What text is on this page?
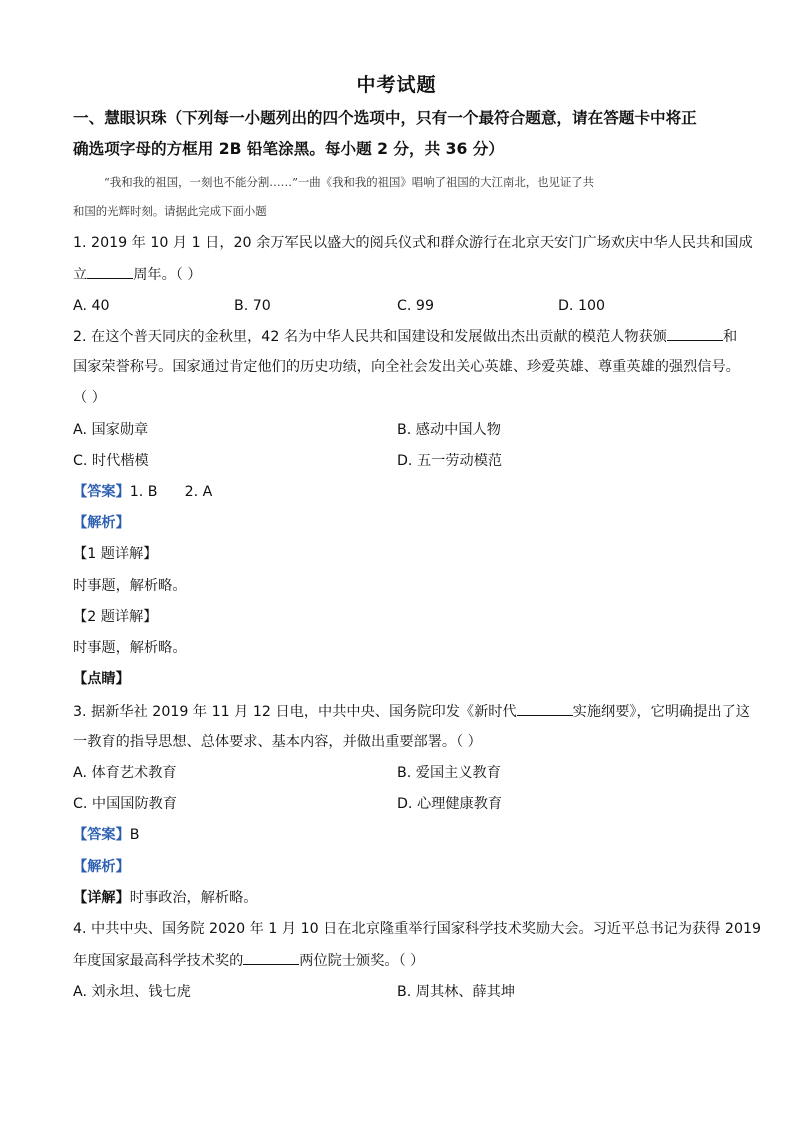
中考试题
一、慧眼识珠（下列每一小题列出的四个选项中，只有一个最符合题意，请在答题卡中将正
确选项字母的方框用 2B 铅笔涂黑。每小题 2 分，共 36 分）
“我和我的祖国，一刻也不能分割……”一曲《我和我的祖国》唱响了祖国的大江南北，也见证了共
和国的光辉时刻。请据此完成下面小题
1. 2019 年 10 月 1 日，20 余万军民以盛大的阅兵仪式和群众游行在北京天安门广场欢庆中华人民共和国成
立	周年。（ ）
A. 40	B. 70	C. 99	D. 100
2. 在这个普天同庆的金秋里，42 名为中华人民共和国建设和发展做出杰出贡献的模范人物获颁	和
国家荣誉称号。国家通过肯定他们的历史功绩，向全社会发出关心英雄、珍爱英雄、尊重英雄的强烈信号。
（ ）
A. 国家勋章	B. 感动中国人物
C. 时代楷模	D. 五一劳动模范
【答案】1. B      2. A
【解析】
【1 题详解】
时事题，解析略。
【2 题详解】
时事题，解析略。
【点睛】
3. 据新华社 2019 年 11 月 12 日电，中共中央、国务院印发《新时代	实施纲要》，它明确提出了这
一教育的指导思想、总体要求、基本内容，并做出重要部署。（ ）
A. 体育艺术教育	B. 爱国主义教育
C. 中国国防教育	D. 心理健康教育
【答案】B
【解析】
【详解】时事政治，解析略。
4. 中共中央、国务院 2020 年 1 月 10 日在北京隆重举行国家科学技术奖励大会。习近平总书记为获得 2019
年度国家最高科学技术奖的	两位院士颁奖。（ ）
A. 刘永坦、钱七虎	B. 周其林、薛其坤
